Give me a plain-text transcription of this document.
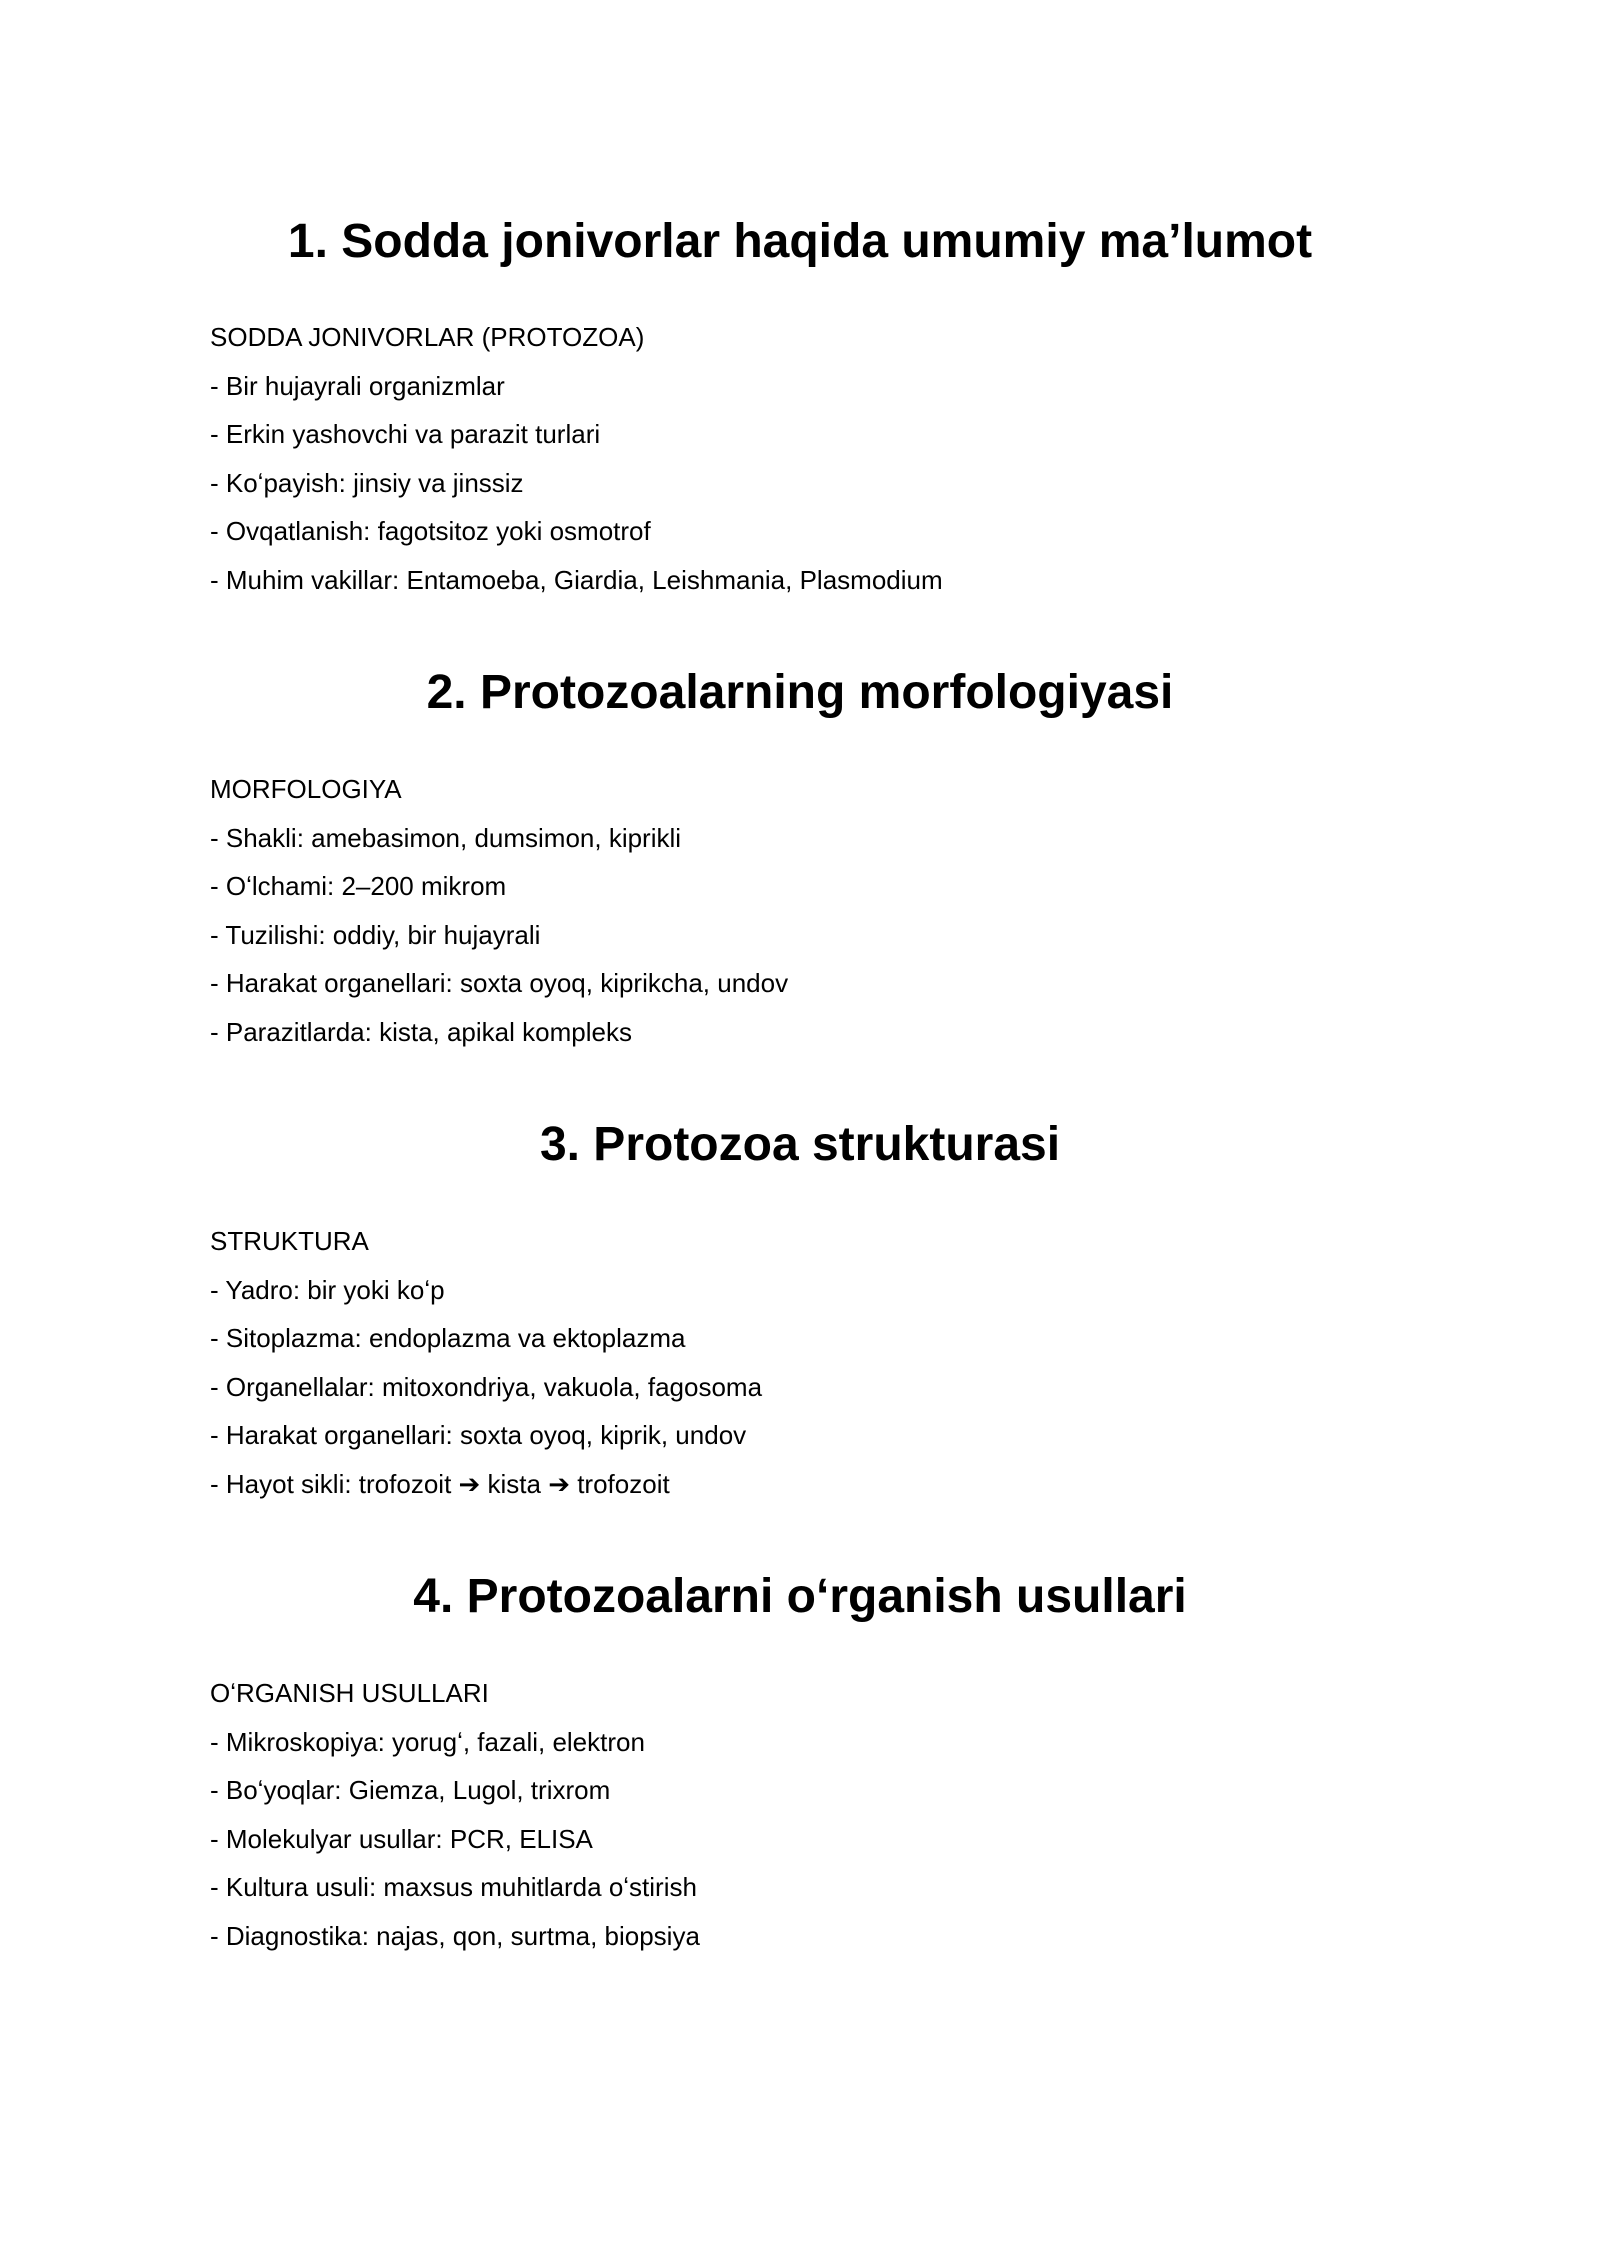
1. Sodda jonivorlar haqida umumiy ma’lumot
SODDA JONIVORLAR (PROTOZOA)
- Bir hujayrali organizmlar
- Erkin yashovchi va parazit turlari
- Koʻpayish: jinsiy va jinssiz
- Ovqatlanish: fagotsitoz yoki osmotrof
- Muhim vakillar: Entamoeba, Giardia, Leishmania, Plasmodium
2. Protozoalarning morfologiyasi
MORFOLOGIYA
- Shakli: amebasimon, dumsimon, kiprikli
- Oʻlchami: 2–200 mikrom
- Tuzilishi: oddiy, bir hujayrali
- Harakat organellari: soxta oyoq, kiprikcha, undov
- Parazitlarda: kista, apikal kompleks
3. Protozoa strukturasi
STRUKTURA
- Yadro: bir yoki koʻp
- Sitoplazma: endoplazma va ektoplazma
- Organellalar: mitoxondriya, vakuola, fagosoma
- Harakat organellari: soxta oyoq, kiprik, undov
- Hayot sikli: trofozoit ➔ kista ➔ trofozoit
4. Protozoalarni oʻrganish usullari
OʻRGANISH USULLARI
- Mikroskopiya: yorugʻ, fazali, elektron
- Boʻyoqlar: Giemza, Lugol, trixrom
- Molekulyar usullar: PCR, ELISA
- Kultura usuli: maxsus muhitlarda oʻstirish
- Diagnostika: najas, qon, surtma, biopsiya
